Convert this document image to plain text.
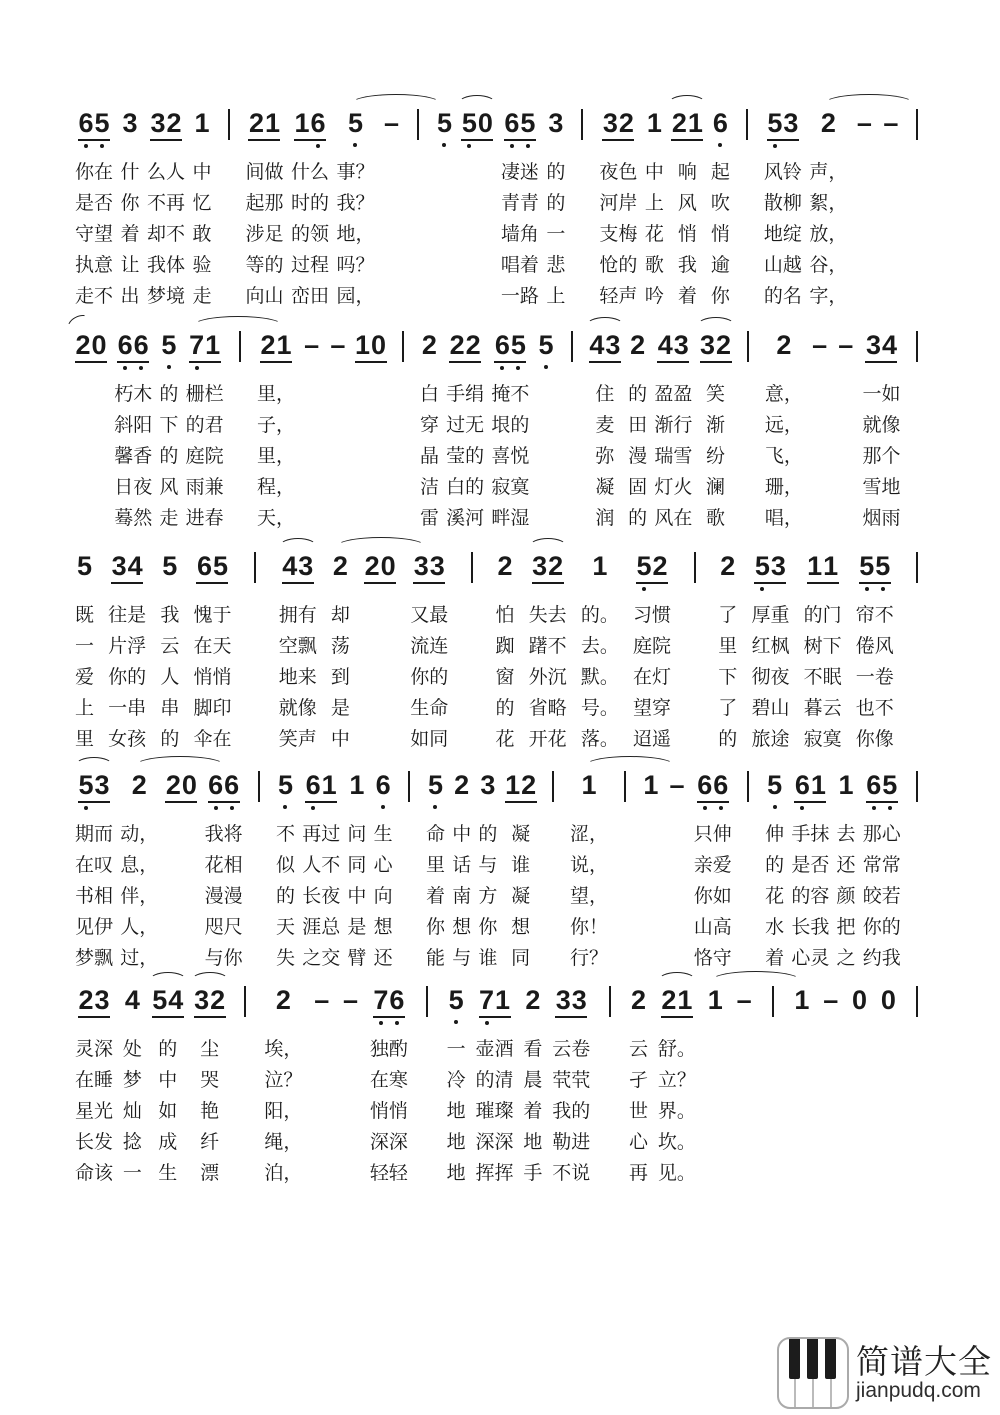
6 5
你在
是否
守望
执意
走不
3
什
你
着
让
出
3 2
么人
不再
却不
我体
梦境
1
中
忆
敢
验
走
2 1
间做
起那
涉足
等的
向山
1 6
什么
时的
的领
过程
峦田
5
事？
我？
地，
吗？
园，
– 5 5 0 6 5
凄迷
青青
墙角
唱着
一路
3
的
的
一
悲
上
3 2
夜色
河岸
支梅
怆的
轻声
1
中
上
花
歌
吟
2 1
响
风
悄
我
着
6
起
吹
悄
逾
你
5 3
风铃
散柳
地绽
山越
的名
2
声，
絮，
放，
谷，
字，
– –
2 0 6 6
朽木
斜阳
馨香
日夜
蓦然
5
的
下
的
风
走
7 1
栅栏
的君
庭院
雨兼
进春
2 1
里，
子，
里，
程，
天，
– – 1 0 2
白
穿
晶
洁
雷
2 2
手绢
过无
莹的
白的
溪河
6 5
掩不
垠的
喜悦
寂寞
畔湿
5 4 3
住
麦
弥
凝
润
2
的
田
漫
固
的
4 3
盈盈
渐行
瑞雪
灯火
风在
3 2
笑
渐
纷
澜
歌
2
意，
远，
飞，
珊，
唱，
– – 3 4
一如
就像
那个
雪地
烟雨
5
既
一
爱
上
里
3 4
往是
片浮
你的
一串
女孩
5
我
云
人
串
的
6 5
愧于
在天
悄悄
脚印
伞在
4 3
拥有
空飘
地来
就像
笑声
2
却
荡
到
是
中
2 0 3 3
又最
流连
你的
生命
如同
2
怕
踟
窗
的
花
3 2
失去
躇不
外沉
省略
开花
1
的。
去。
默。
号。
落。
5 2
习惯
庭院
在灯
望穿
迢遥
2
了
里
下
了
的
5 3
厚重
红枫
彻夜
碧山
旅途
1 1
的门
树下
不眠
暮云
寂寞
5 5
帘不
倦风
一卷
也不
你像
5 3
期而
在叹
书相
见伊
梦飘
2
动，
息，
伴，
人，
过，
2 0 6 6
我将
花相
漫漫
咫尺
与你
5
不
似
的
天
失
6 1
再过
人不
长夜
涯总
之交
1
问
同
中
是
臂
6
生
心
向
想
还
5
命
里
着
你
能
2
中
话
南
想
与
3
的
与
方
你
谁
1 2
凝
谁
凝
想
同
1
涩，
说，
望，
你！
行？
1 – 6 6
只伸
亲爱
你如
山高
恪守
5
伸
的
花
水
着
6 1
手抹
是否
的容
长我
心灵
1
去
还
颜
把
之
6 5
那心
常常
皎若
你的
约我
2 3
灵深
在睡
星光
长发
命该
4
处
梦
灿
捻
一
5 4
的
中
如
成
生
3 2
尘
哭
艳
纤
漂
2
埃，
泣？
阳，
绳，
泊，
– – 7 6
独酌
在寒
悄悄
深深
轻轻
5
一
冷
地
地
地
7 1
壶酒
的清
璀璨
深深
挥挥
2
看
晨
着
地
手
3 3
云卷
茕茕
我的
勒进
不说
2
云
孑
世
心
再
2 1
舒。
立？
界。
坎。
见。
1 – 1 – 0 0
简谱大全
jianpudq.com
